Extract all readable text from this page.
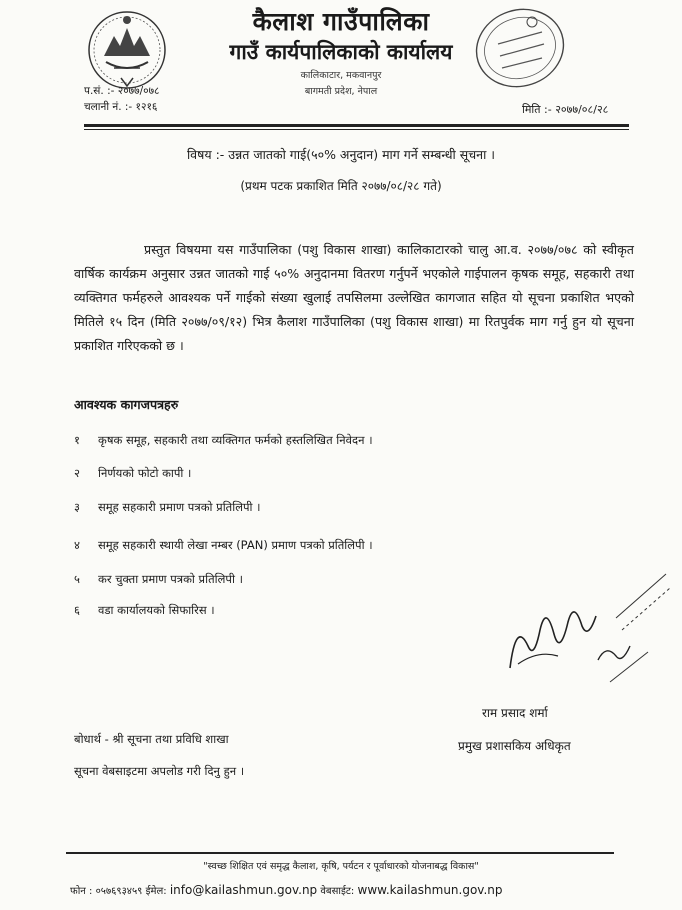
कैलाश गाउँपालिका
गाउँ कार्यपालिकाको कार्यालय
कालिकाटार, मकवानपुर
बागमती प्रदेश, नेपाल
प.सं. :- २०७७/०७८
चलानी नं. :- १२१६	मिति :- २०७७/०८/२८
विषय :- उन्नत जातको गाई(५०% अनुदान) माग गर्ने सम्बन्धी सूचना ।
(प्रथम पटक प्रकाशित मिति २०७७/०८/२८ गते)
प्रस्तुत विषयमा यस गाउँपालिका (पशु विकास शाखा) कालिकाटारको चालु आ.व. २०७७/०७८ को स्वीकृत वार्षिक कार्यक्रम अनुसार उन्नत जातको गाई ५०% अनुदानमा वितरण गर्नुपर्ने भएकोले गाईपालन कृषक समूह, सहकारी तथा व्यक्तिगत फर्महरुले आवश्यक पर्ने गाईको संख्या खुलाई तपसिलमा उल्लेखित कागजात सहित यो सूचना प्रकाशित भएको मितिले १५ दिन (मिति २०७७/०९/१२) भित्र कैलाश गाउँपालिका (पशु विकास शाखा) मा रितपुर्वक माग गर्नु हुन यो सूचना प्रकाशित गरिएकको छ ।
आवश्यक कागजपत्रहरु
१ कृषक समूह, सहकारी तथा व्यक्तिगत फर्मको हस्तलिखित निवेदन ।
२ निर्णयको फोटो कापी ।
३ समूह सहकारी प्रमाण पत्रको प्रतिलिपी ।
४ समूह सहकारी स्थायी लेखा नम्बर (PAN) प्रमाण पत्रको प्रतिलिपी ।
५ कर चुक्ता प्रमाण पत्रको प्रतिलिपी ।
६ वडा कार्यालयको सिफारिस ।
राम प्रसाद शर्मा
प्रमुख प्रशासकिय अधिकृत
बोधार्थ - श्री सूचना तथा प्रविधि शाखा
सूचना वेबसाइटमा अपलोड गरी दिनु हुन ।
"स्वच्छ शिक्षित एवं समृद्ध कैलाश, कृषि, पर्यटन र पूर्वाधारको योजनाबद्ध विकास"
फोन : ०५७६९३४५९ ईमेल: info@kailashmun.gov.np वेबसाईट: www.kailashmun.gov.np
